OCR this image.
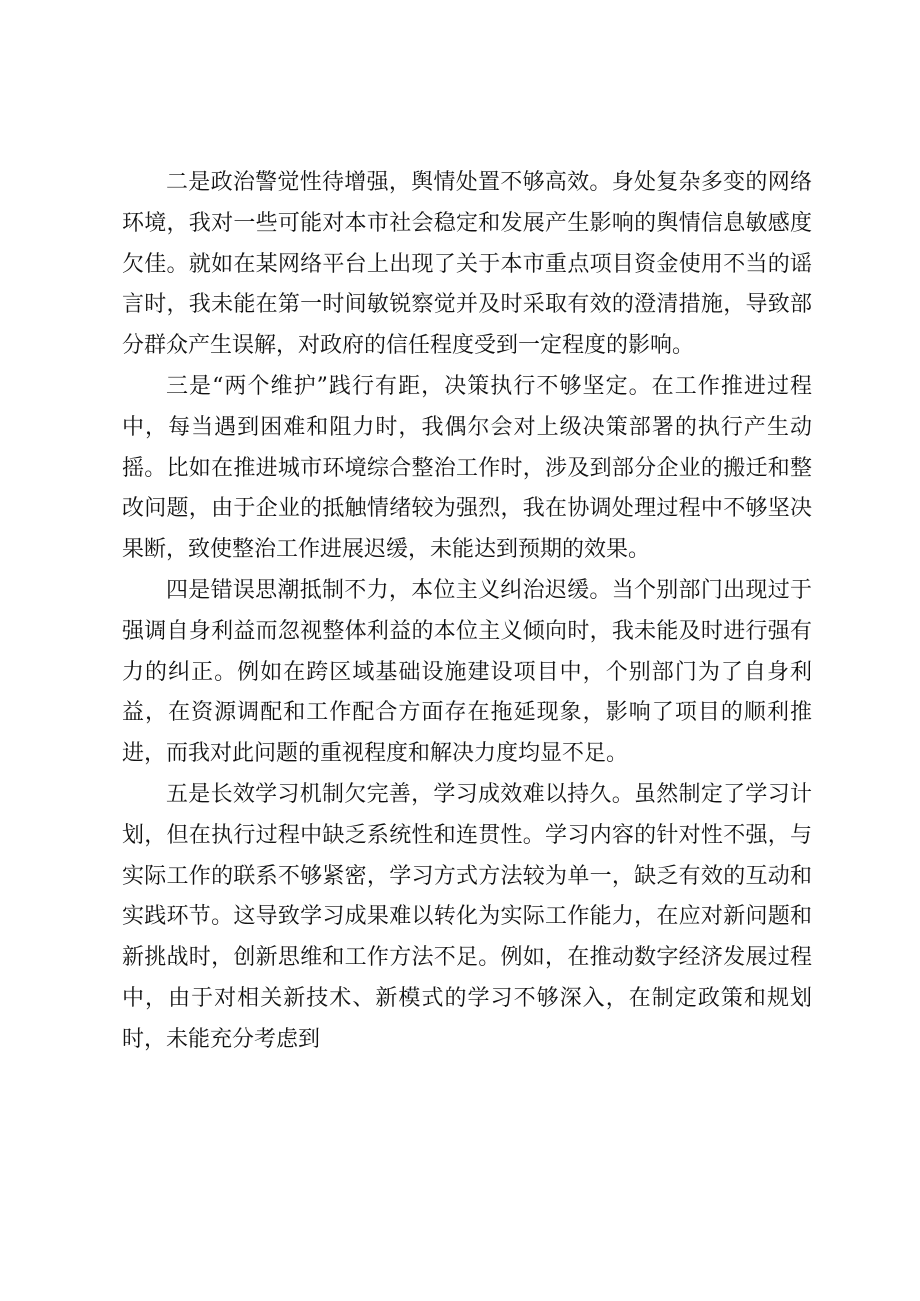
二是政治警觉性待增强，舆情处置不够高效。身处复杂多变的网络环境，我对一些可能对本市社会稳定和发展产生影响的舆情信息敏感度欠佳。就如在某网络平台上出现了关于本市重点项目资金使用不当的谣言时，我未能在第一时间敏锐察觉并及时采取有效的澄清措施，导致部分群众产生误解，对政府的信任程度受到一定程度的影响。

三是“两个维护”践行有距，决策执行不够坚定。在工作推进过程中，每当遇到困难和阻力时，我偶尔会对上级决策部署的执行产生动摇。比如在推进城市环境综合整治工作时，涉及到部分企业的搬迁和整改问题，由于企业的抵触情绪较为强烈，我在协调处理过程中不够坚决果断，致使整治工作进展迟缓，未能达到预期的效果。

四是错误思潮抵制不力，本位主义纠治迟缓。当个别部门出现过于强调自身利益而忽视整体利益的本位主义倾向时，我未能及时进行强有力的纠正。例如在跨区域基础设施建设项目中，个别部门为了自身利益，在资源调配和工作配合方面存在拖延现象，影响了项目的顺利推进，而我对此问题的重视程度和解决力度均显不足。

五是长效学习机制欠完善，学习成效难以持久。虽然制定了学习计划，但在执行过程中缺乏系统性和连贯性。学习内容的针对性不强，与实际工作的联系不够紧密，学习方式方法较为单一，缺乏有效的互动和实践环节。这导致学习成果难以转化为实际工作能力，在应对新问题和新挑战时，创新思维和工作方法不足。例如，在推动数字经济发展过程中，由于对相关新技术、新模式的学习不够深入，在制定政策和规划时，未能充分考虑到
